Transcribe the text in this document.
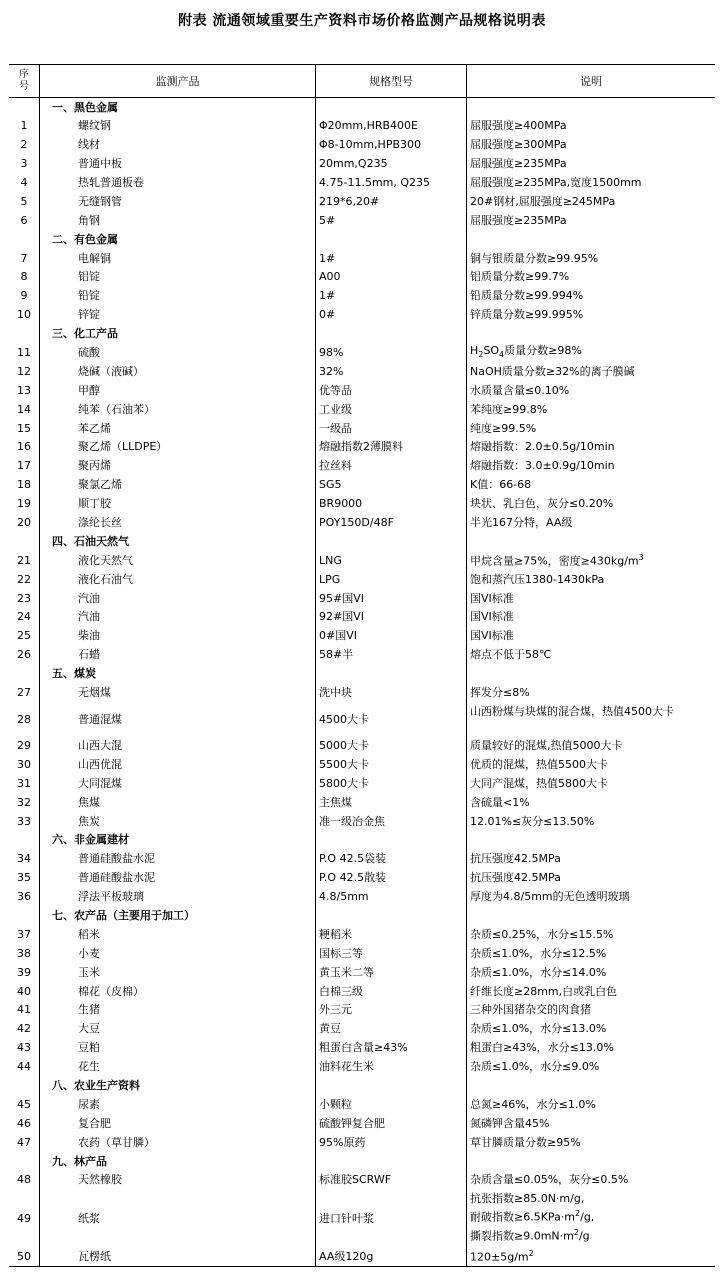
附表 流通领域重要生产资料市场价格监测产品规格说明表
序
号	监测产品	规格型号	说明
	一、黑色金属		
1	螺纹钢	Φ20mm,HRB400E	屈服强度≥400MPa
2	线材	Φ8-10mm,HPB300	屈服强度≥300MPa
3	普通中板	20mm,Q235	屈服强度≥235MPa
4	热轧普通板卷	4.75-11.5mm, Q235	屈服强度≥235MPa,宽度1500mm
5	无缝钢管	219*6,20#	20#钢材,屈服强度≥245MPa
6	角钢	5#	屈服强度≥235MPa
	二、有色金属		
7	电解铜	1#	铜与银质量分数≥99.95%
8	铝锭	A00	铝质量分数≥99.7%
9	铅锭	1#	铅质量分数≥99.994%
10	锌锭	0#	锌质量分数≥99.995%
	三、化工产品		
11	硫酸	98%	$H_2SO_4$质量分数≥98%
12	烧碱（液碱）	32%	NaOH质量分数≥32%的离子膜碱
13	甲醇	优等品	水质量含量≤0.10%
14	纯苯（石油苯）	工业级	苯纯度≥99.8%
15	苯乙烯	一级品	纯度≥99.5%
16	聚乙烯（LLDPE）	熔融指数2薄膜料	熔融指数：2.0±0.5g/10min
17	聚丙烯	拉丝料	熔融指数：3.0±0.9g/10min
18	聚氯乙烯	SG5	K值：66-68
19	顺丁胶	BR9000	块状、乳白色，灰分≤0.20%
20	涤纶长丝	POY150D/48F	半光167分特，AA级
	四、石油天然气		
21	液化天然气	LNG	甲烷含量≥75%，密度$\ge 430kg/m^3$
22	液化石油气	LPG	饱和蒸汽压1380-1430kPa
23	汽油	95#国VI	国VI标准
24	汽油	92#国VI	国VI标准
25	柴油	0#国VI	国VI标准
26	石蜡	58#半	熔点不低于58℃
	五、煤炭		
27	无烟煤	洗中块	挥发分≤8%
28	普通混煤	4500大卡	山西粉煤与块煤的混合煤，热值4500大卡
29	山西大混	5000大卡	质量较好的混煤,热值5000大卡
30	山西优混	5500大卡	优质的混煤，热值5500大卡
31	大同混煤	5800大卡	大同产混煤，热值5800大卡
32	焦煤	主焦煤	含硫量<1%
33	焦炭	准一级冶金焦	12.01%≤灰分≤13.50%
	六、非金属建材		
34	普通硅酸盐水泥	P.O 42.5袋装	抗压强度42.5MPa
35	普通硅酸盐水泥	P.O 42.5散装	抗压强度42.5MPa
36	浮法平板玻璃	4.8/5mm	厚度为4.8/5mm的无色透明玻璃
	七、农产品（主要用于加工）		
37	稻米	粳稻米	杂质≤0.25%，水分≤15.5%
38	小麦	国标三等	杂质≤1.0%，水分≤12.5%
39	玉米	黄玉米二等	杂质≤1.0%，水分≤14.0%
40	棉花（皮棉）	白棉三级	纤维长度≥28mm,白或乳白色
41	生猪	外三元	三种外国猪杂交的肉食猪
42	大豆	黄豆	杂质≤1.0%，水分≤13.0%
43	豆粕	粗蛋白含量≥43%	粗蛋白≥43%，水分≤13.0%
44	花生	油料花生米	杂质≤1.0%，水分≤9.0%
	八、农业生产资料		
45	尿素	小颗粒	总氮≥46%，水分≤1.0%
46	复合肥	硫酸钾复合肥	氮磷钾含量45%
47	农药（草甘膦）	95%原药	草甘膦质量分数≥95%
	九、林产品		
48	天然橡胶	标准胶SCRWF	杂质含量≤0.05%，灰分≤0.5%
49	纸浆	进口针叶浆	抗张指数≥85.0N·m/g,
耐破指数$\ge 6.5KPa\cdot m^2/g$,
撕裂指数$\ge 9.0mN\cdot m^2/g$
50	瓦楞纸	AA级120g	$120\pm 5g/m^2$
